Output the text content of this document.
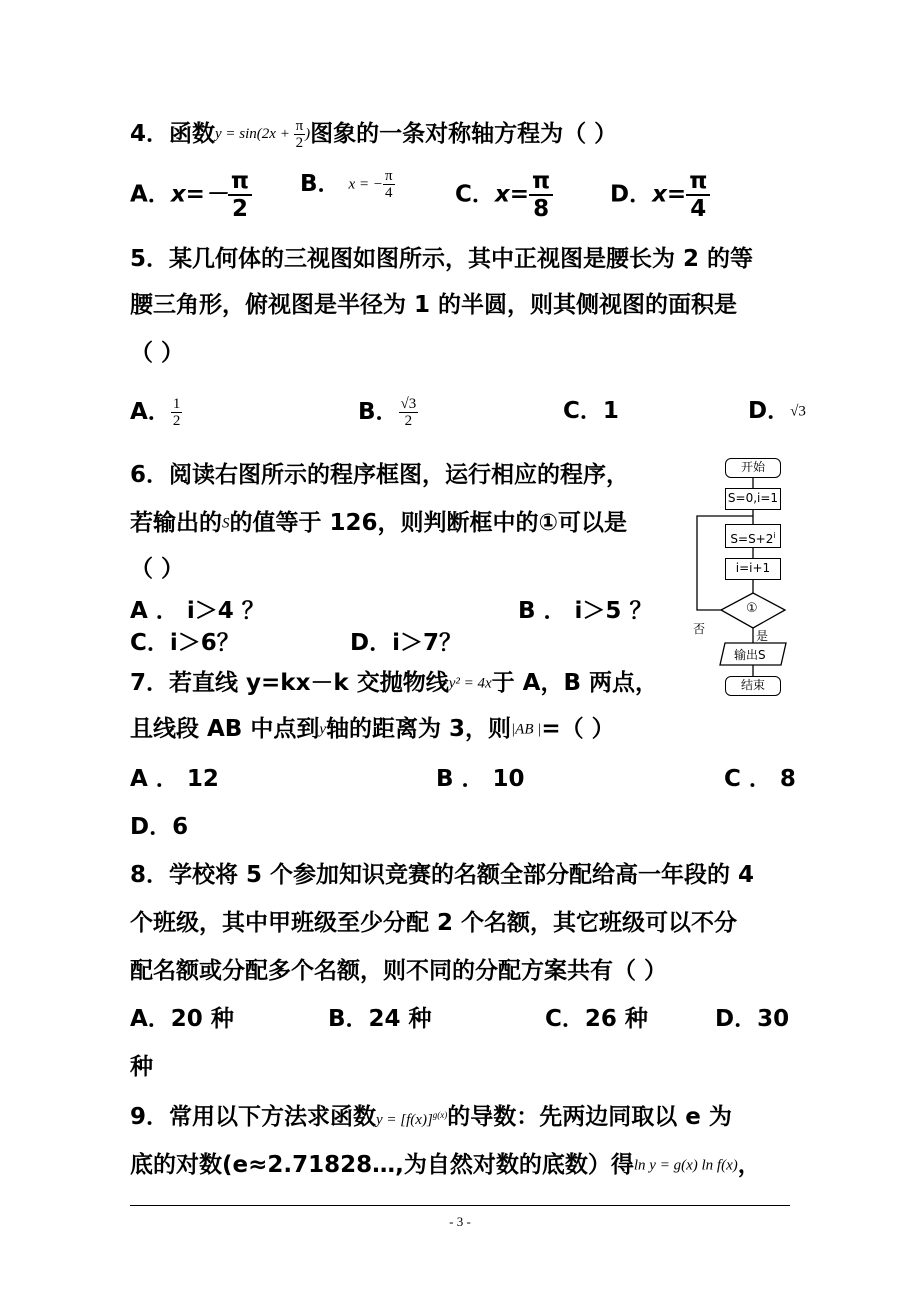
4．函数$y = \sin(2x + \frac{\pi}{2}$ )图象的一条对称轴方程为（ ）
A．$x=- \frac{\pi}{2}$ B． x = − $\frac{\pi}{4}$	C．$x= \frac{\pi}{8}$ D．$x= \frac{\pi}{4}$
5．某几何体的三视图如图所示，其中正视图是腰长为 2 的等
腰三角形，俯视图是半径为 1 的半圆，则其侧视图的面积是
（ ）
A． $\frac{1}{2}$	B． $\frac{√3}{2}$	C．1	D．√3
6．阅读右图所示的程序框图，运行相应的程序，
若输出的S的值等于 126，则判断框中的①可以是
（ ）
A ． i＞4 ？	B ． i＞5 ？
C．i＞6？	D．i＞7？
开始
S=0,i=1
$S=S+2^i$
i=i+1
①
否	是
输出S
结束
7．若直线 y=kx－k 交抛物线y² = 4x于 A，B 两点，
且线段 AB 中点到y轴的距离为 3，则|AB |=（ ）
A ． 12	B ． 10	C ． 8
D．6
8．学校将 5 个参加知识竞赛的名额全部分配给高一年段的 4
个班级，其中甲班级至少分配 2 个名额，其它班级可以不分
配名额或分配多个名额，则不同的分配方案共有（ ）
A．20 种	B．24 种	C．26 种	D．30
种
9．常用以下方法求函数$y = [f(x)]^{g(x)}$的导数：先两边同取以 e 为
底的对数(e≈2.71828…,为自然对数的底数）得ln y = g(x) ln f(x)，
- 3 -
